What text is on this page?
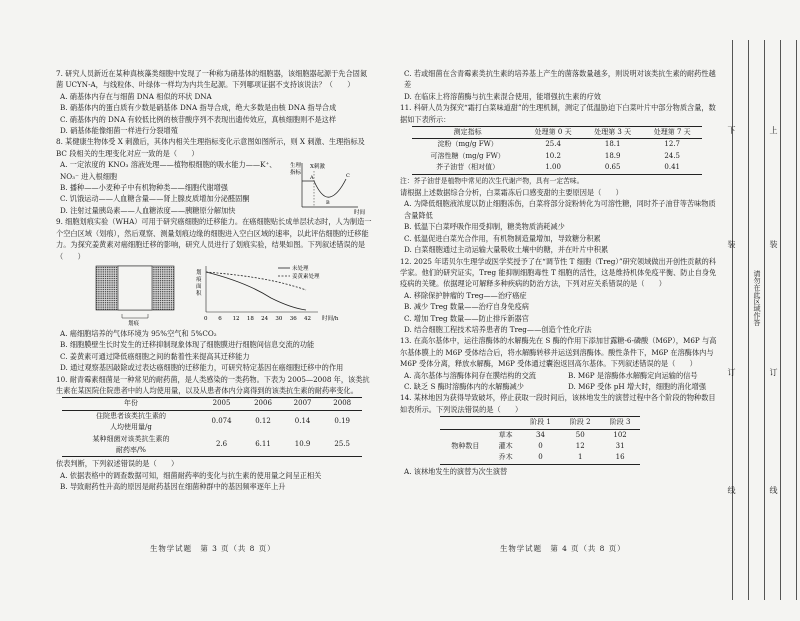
7. 研究人员新近在某种真核藻类细胞中发现了一种称为硝基体的细胞器，该细胞器起源于先合固氮菌 UCYN-A，与线粒体、叶绿体一样均为内共生起源。下列哪项证据不支持该说法？（　　）

A. 硝基体内存在与细菌 DNA 相似的环状 DNA

B. 硝基体内的蛋白质有少数是硝基体 DNA 指导合成，绝大多数是由核 DNA 指导合成

C. 硝基体内的 DNA 有较低比例的核苷酸序列不表现出遗传效应，真核细胞则不是这样

D. 硝基体能像细菌一样进行分裂增殖

8. 某健康生物体受 X 刺激后，其体内相关生理指标变化示意图如图所示，则 X 刺激、生理指标及 BC 段相关的生理变化对应一致的是（　　）

A. 一定浓度的 KNO₃ 溶液处理——植物根细胞的吸水能力——K⁺、NO₃⁻ 进入根细胞

B. 播种——小麦种子中有机物种类——细胞代谢增强

C. 饥饿运动——人血糖含量——肾上腺皮质增加分泌醛固酮

D. 注射过量胰岛素——人血糖浓度——胰糖原分解加快

生理
指标
X刺激
A
B
C
时间

9. 细胞划痕实验（WHA）可用于研究癌细胞的迁移能力。在癌细胞贴长成单层状态时，人为制造一个空白区域（划痕），然后观察、测量划痕边缘的细胞进入空白区域的速率，以此评估细胞的迁移能力。为探究姜黄素对癌细胞迁移的影响，研究人员进行了划痕实验，结果如图。下列叙述错误的是（　　）

划痕
划
痕
面
积
未处理
姜黄素处理
0 6 12 18 24 30 36 42 时间/h

A. 癌细胞培养的气体环境为 95%空气和 5%CO₂

B. 细胞膜壁生长时发生的迁移抑制现象体现了细胞膜进行细胞间信息交流的功能

C. 姜黄素可通过降低癌细胞之间的黏着性来提高其迁移能力

D. 通过观察基因敲除或过表达癌细胞的迁移能力，可研究特定基因在癌细胞迁移中的作用

10. 耐青霉素细菌是一种常见的耐药菌，是人类感染的一类药物。下表为 2005—2008 年，该类抗生素在某医院住院患者中的人均使用量，以及从患者体内分离得到的该类抗生素的耐药率变化。

年份	2005	2006	2007	2008
住院患者该类抗生素的
人均使用量/g	0.074	0.12	0.14	0.19
某种细菌对该类抗生素的
耐药率/%	2.6	6.11	10.9	25.5

依表判断，下列叙述错误的是（　　）

A. 依据表格中的调查数据可知，细菌耐药率的变化与抗生素的使用量之间呈正相关

B. 导致耐药性升高的原因是耐药基因在细菌种群中的基因频率逐年上升

生物学试题　第 3 页（共 8 页）

C. 若或细菌在含青霉素类抗生素的培养基上产生的菌落数量越多，则说明对该类抗生素的耐药性越差

D. 在临床上将溶菌酶与抗生素混合使用，能增强抗生素的疗效

11. 科研人员为探究“霜打白菜味道甜”的生理机制，测定了低温胁迫下白菜叶片中部分物质含量，数据如下表所示：

测定指标	处理第 0 天	处理第 3 天	处理第 7 天
淀粉（mg/g FW）	25.4	18.1	12.7
可溶性糖（mg/g FW）	10.2	18.9	24.5
芥子油苷（相对值）	1.00	0.65	0.41

注：芥子油苷是植物中常见的次生代谢产物，具有一定苦味。

请根据上述数据综合分析，白菜霜冻后口感变甜的主要原因是（　　）

A. 为降低细胞液浓度以防止细胞冻伤，白菜将部分淀粉转化为可溶性糖，同时芥子油苷等苦味物质含量降低

B. 低温下白菜呼吸作用受抑制，糖类物质消耗减少

C. 低温促进白菜光合作用，有机物制造量增加，导致糖分积累

D. 白菜细胞通过主动运输大量吸收土壤中的糖，并在叶片中积累

12. 2025 年诺贝尔生理学或医学奖授予了在“调节性 T 细胞（Treg）”研究领域做出开创性贡献的科学家。他们的研究证实，Treg 能抑制细胞毒性 T 细胞的活性，这是维持机体免疫平衡、防止自身免疫病的关键。依据理论可解释多种疾病的防治方法，下列对应关系错误的是（　　）

A. 移除保护肿瘤的 Treg——治疗癌症

B. 减少 Treg 数量——治疗自身免疫病

C. 增加 Treg 数量——防止排斥新器官

D. 结合细胞工程技术培养患者的 Treg——创造个性化疗法

13. 在高尔基体中，运往溶酶体的水解酶先在 S 酶的作用下添加甘露糖-6-磷酸（M6P），M6P 与高尔基体膜上的 M6P 受体结合后，将水解酶转移并运送到溶酶体。酸性条件下，M6P 在溶酶体内与 M6P 受体分离，释放水解酶，M6P 受体通过囊泡返回高尔基体。下列叙述错误的是（　　）

A. 高尔基体与溶酶体间存在膜结构的交流	B. M6P 是溶酶体水解酶定向运输的信号

C. 缺乏 S 酶时溶酶体内的水解酶减少	D. M6P 受体 pH 增大时，细胞的消化增强

14. 某林地因为获得导致破坏，停止获取一段时间后，该林地发生的演替过程中各个阶段的物种数目如表所示。下列说法错误的是（　　）

		阶段 1	阶段 2	阶段 3
物种数目	草本	34	50	102
	灌木	0	12	31
	乔木	0	1	16

A. 该林地发生的演替为次生演替

生物学试题　第 4 页（共 8 页）
下	上
装	装
请勿在此区域作答
订	订
线	线
